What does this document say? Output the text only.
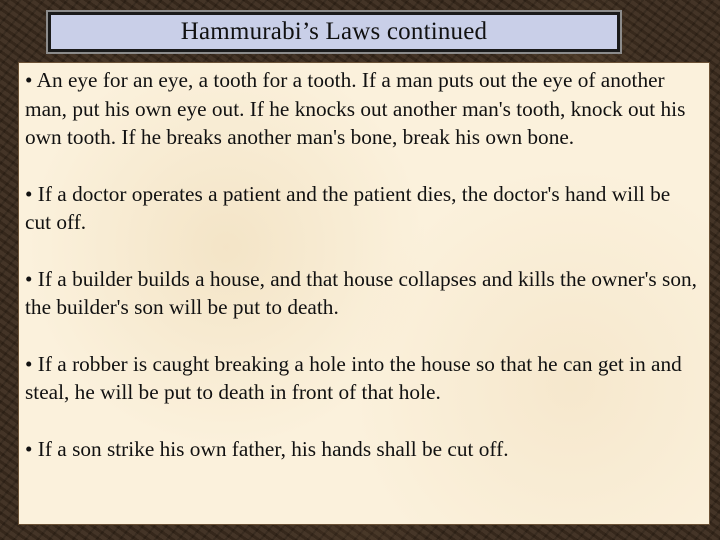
Hammurabi’s Laws continued
• An eye for an eye, a tooth for a tooth. If a man puts out the eye of another man, put his own eye out. If he knocks out another man's tooth, knock out his own tooth. If he breaks another man's bone, break his own bone.
• If a doctor operates a patient and the patient dies, the doctor's hand will be cut off.
• If a builder builds a house, and that house collapses and kills the owner's son, the builder's son will be put to death.
• If a robber is caught breaking a hole into the house so that he can get in and steal, he will be put to death in front of that hole.
• If a son strike his own father, his hands shall be cut off.
